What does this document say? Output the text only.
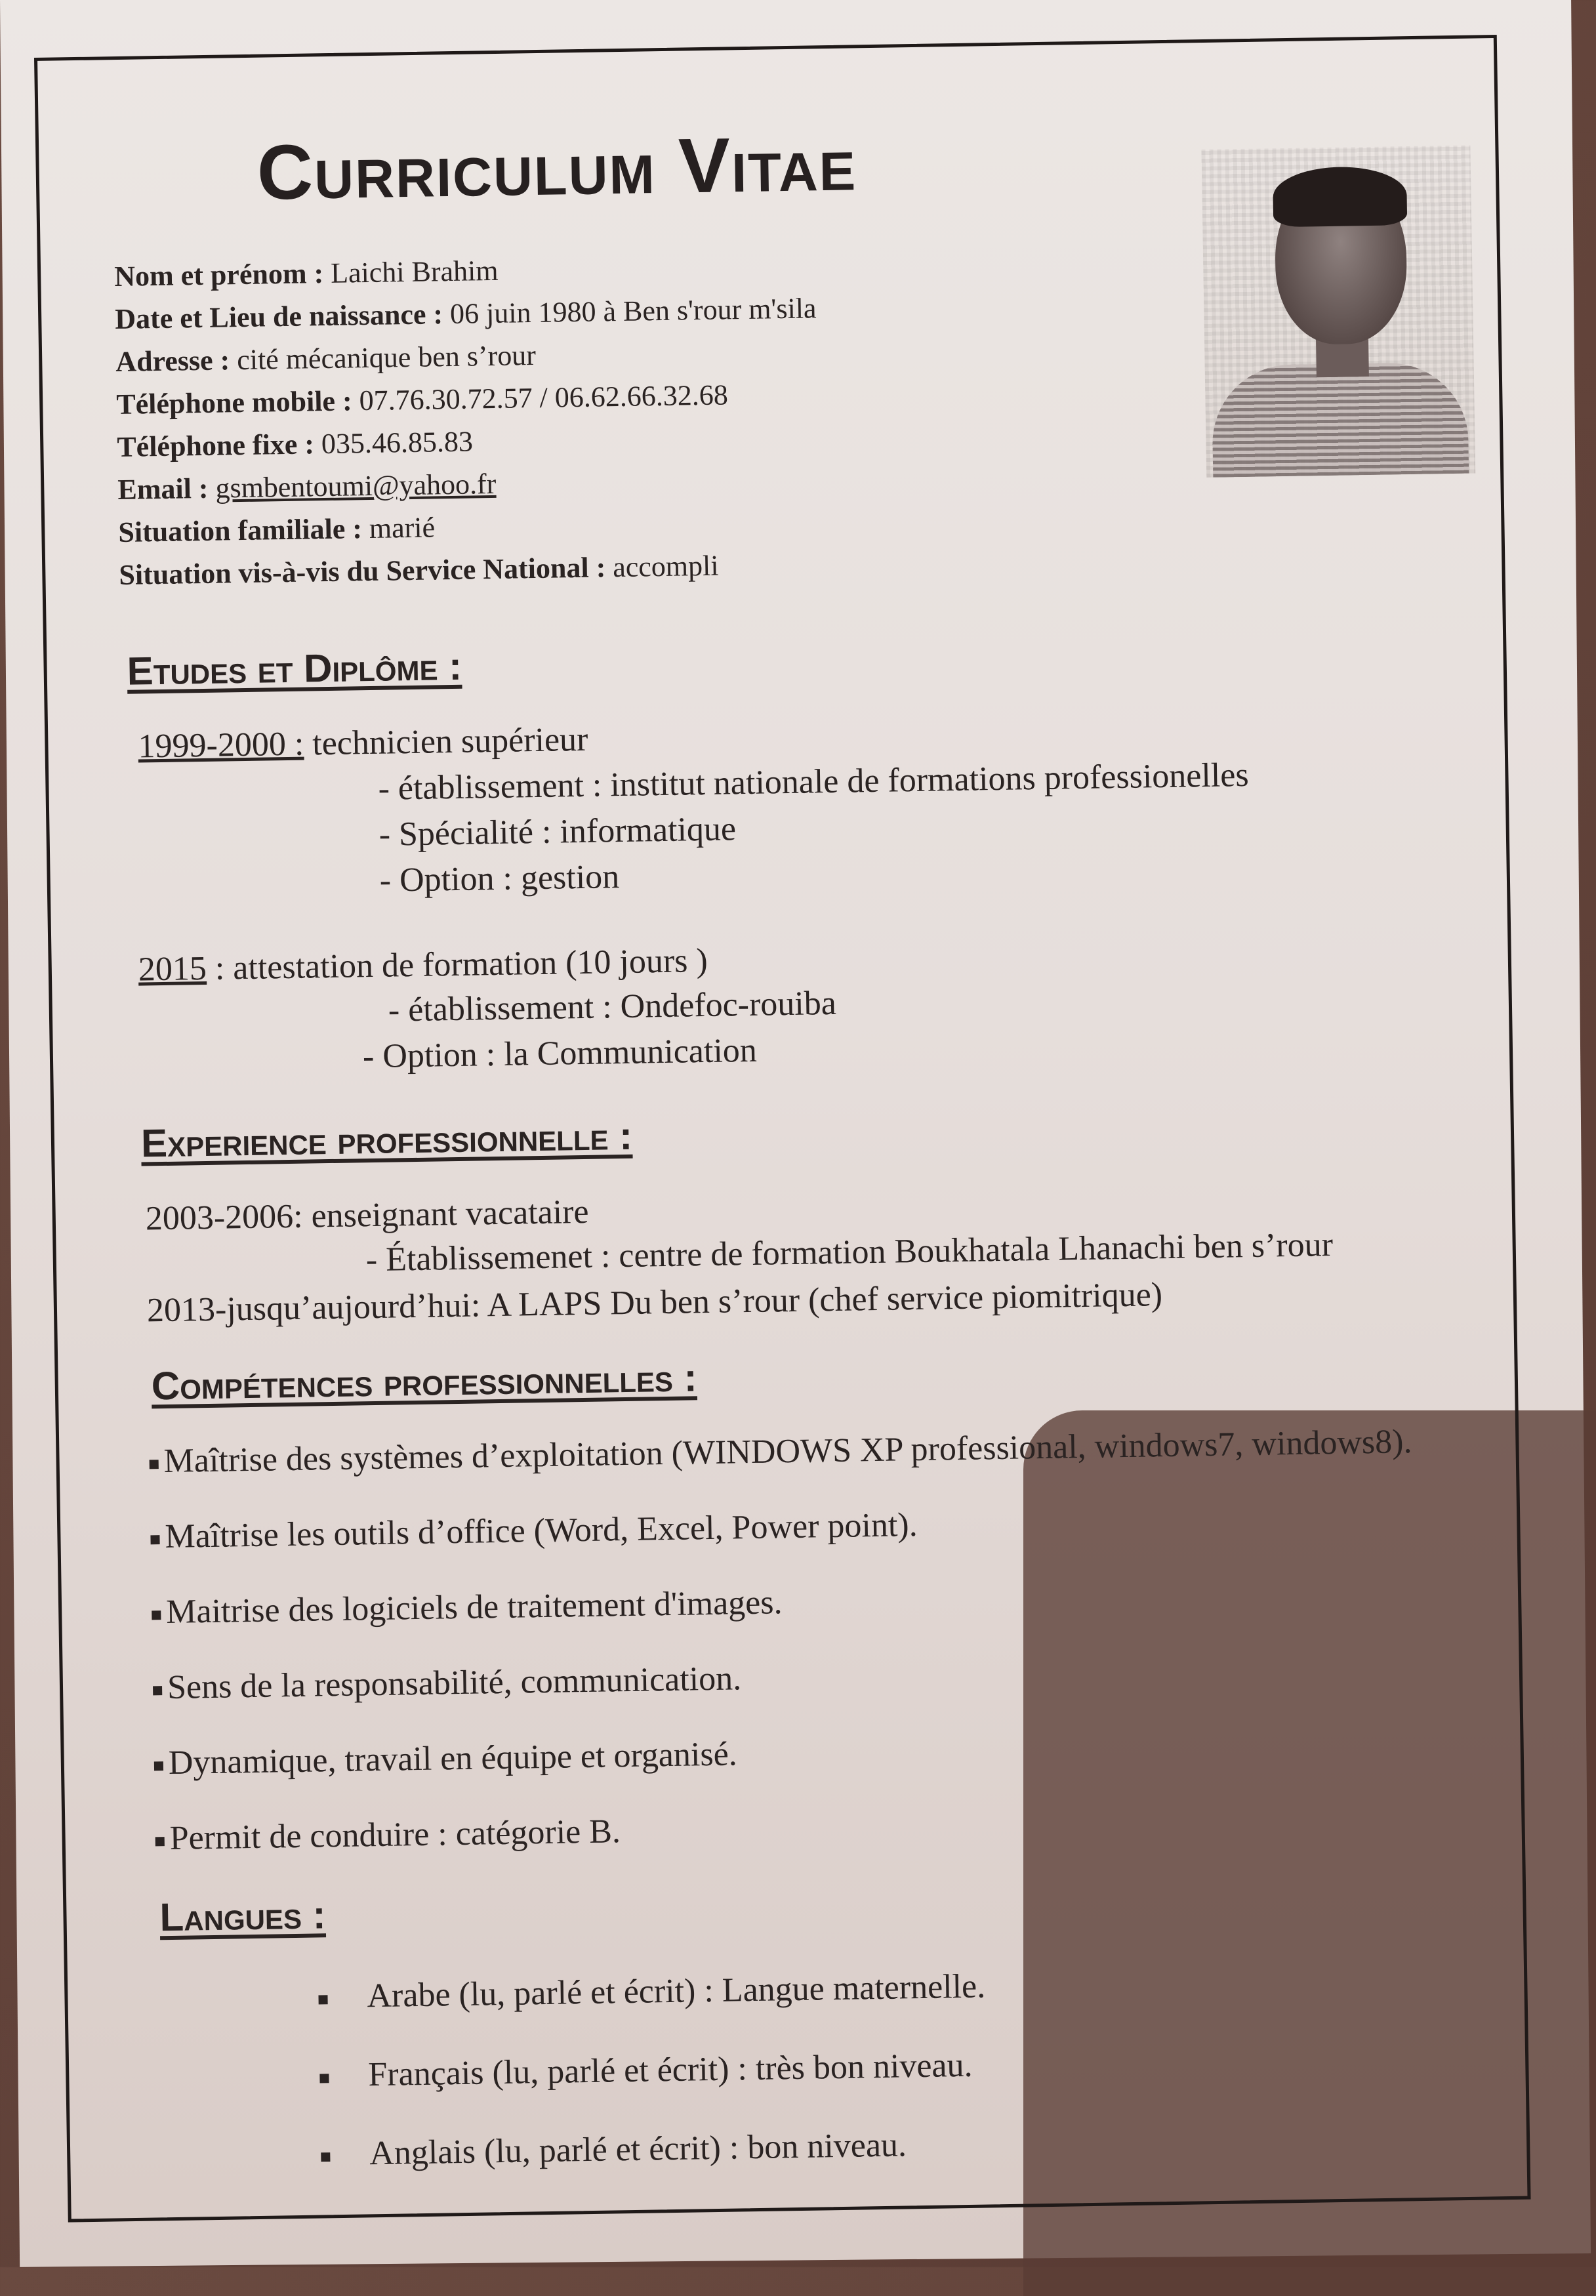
Curriculum Vitae
Nom et prénom : Laichi Brahim
Date et Lieu de naissance : 06 juin 1980 à Ben s'rour m'sila
Adresse : cité mécanique ben s’rour
Téléphone mobile : 07.76.30.72.57 / 06.62.66.32.68
Téléphone fixe : 035.46.85.83
Email : gsmbentoumi@yahoo.fr
Situation familiale : marié
Situation vis-à-vis du Service National : accompli
Etudes et Diplôme :
1999-2000 : technicien supérieur
- établissement : institut nationale de formations professionelles
- Spécialité : informatique
- Option : gestion
2015 : attestation de formation (10 jours )
- établissement : Ondefoc-rouiba
- Option : la Communication
Experience professionnelle :
2003-2006: enseignant vacataire
- Établissemenet : centre de formation Boukhatala Lhanachi ben s’rour
2013-jusqu’aujourd’hui: A LAPS Du ben s’rour (chef service piomitrique)
Compétences professionnelles :
Maîtrise des systèmes d’exploitation (WINDOWS XP professional, windows7, windows8).
Maîtrise les outils d’office (Word, Excel, Power point).
Maitrise des logiciels de traitement d'images.
Sens de la responsabilité, communication.
Dynamique, travail en équipe et organisé.
Permit de conduire : catégorie B.
Langues :
Arabe (lu, parlé et écrit) : Langue maternelle.
Français (lu, parlé et écrit) : très bon niveau.
Anglais (lu, parlé et écrit) : bon niveau.
